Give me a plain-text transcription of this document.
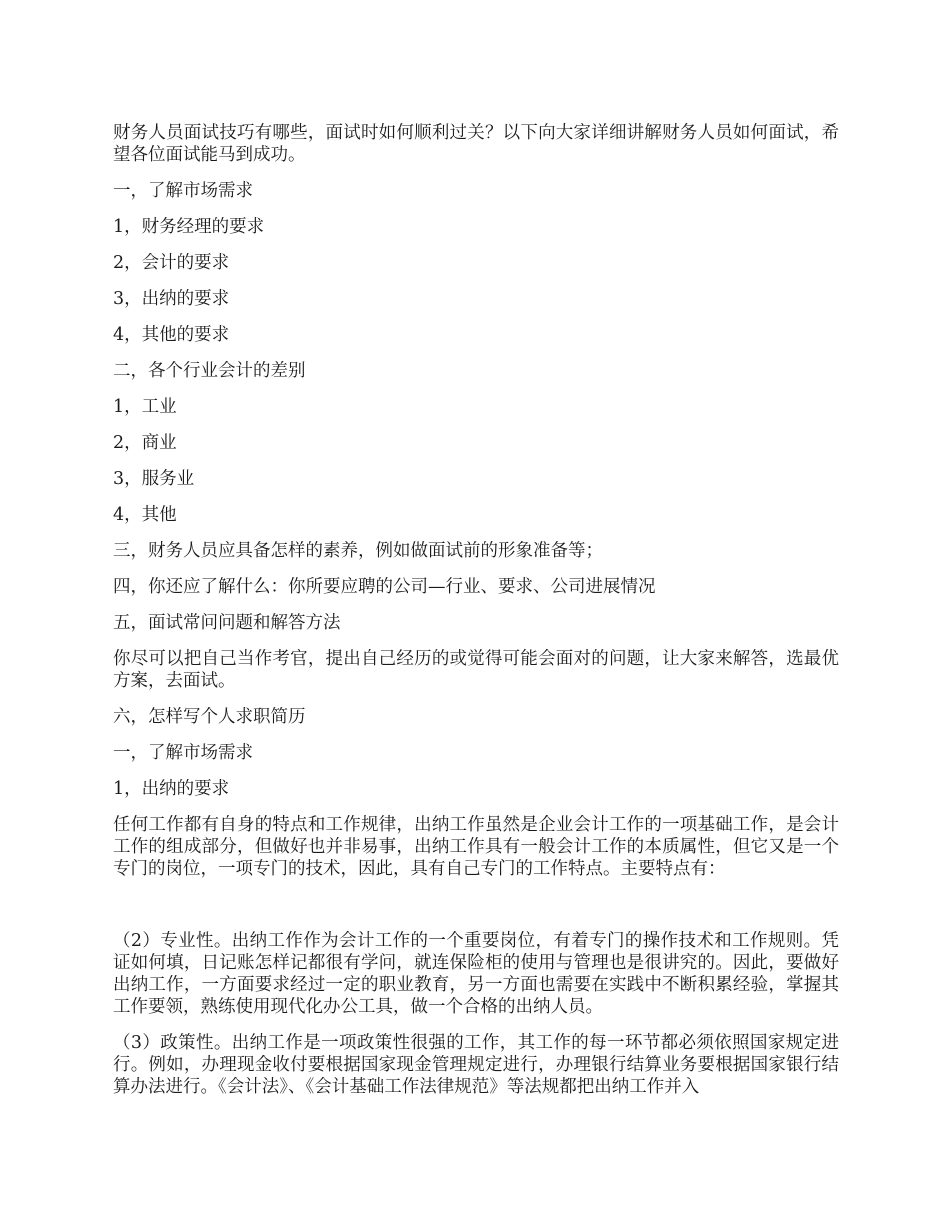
财务人员面试技巧有哪些，面试时如何顺利过关？以下向大家详细讲解财务人员如何面试，希望各位面试能马到成功。

一，了解市场需求

1，财务经理的要求

2，会计的要求

3，出纳的要求

4，其他的要求

二，各个行业会计的差别

1，工业

2，商业

3，服务业

4，其他

三，财务人员应具备怎样的素养，例如做面试前的形象准备等；

四，你还应了解什么：你所要应聘的公司—行业、要求、公司进展情况

五，面试常问问题和解答方法

你尽可以把自己当作考官，提出自己经历的或觉得可能会面对的问题，让大家来解答，选最优方案，去面试。

六，怎样写个人求职简历

一，了解市场需求

1，出纳的要求

任何工作都有自身的特点和工作规律，出纳工作虽然是企业会计工作的一项基础工作，是会计工作的组成部分，但做好也并非易事，出纳工作具有一般会计工作的本质属性，但它又是一个专门的岗位，一项专门的技术，因此，具有自己专门的工作特点。主要特点有：

（2）专业性。出纳工作作为会计工作的一个重要岗位，有着专门的操作技术和工作规则。凭证如何填，日记账怎样记都很有学问，就连保险柜的使用与管理也是很讲究的。因此，要做好出纳工作，一方面要求经过一定的职业教育，另一方面也需要在实践中不断积累经验，掌握其工作要领，熟练使用现代化办公工具，做一个合格的出纳人员。

（3）政策性。出纳工作是一项政策性很强的工作，其工作的每一环节都必须依照国家规定进行。例如，办理现金收付要根据国家现金管理规定进行，办理银行结算业务要根据国家银行结算办法进行。《会计法》、《会计基础工作法律规范》等法规都把出纳工作并入
